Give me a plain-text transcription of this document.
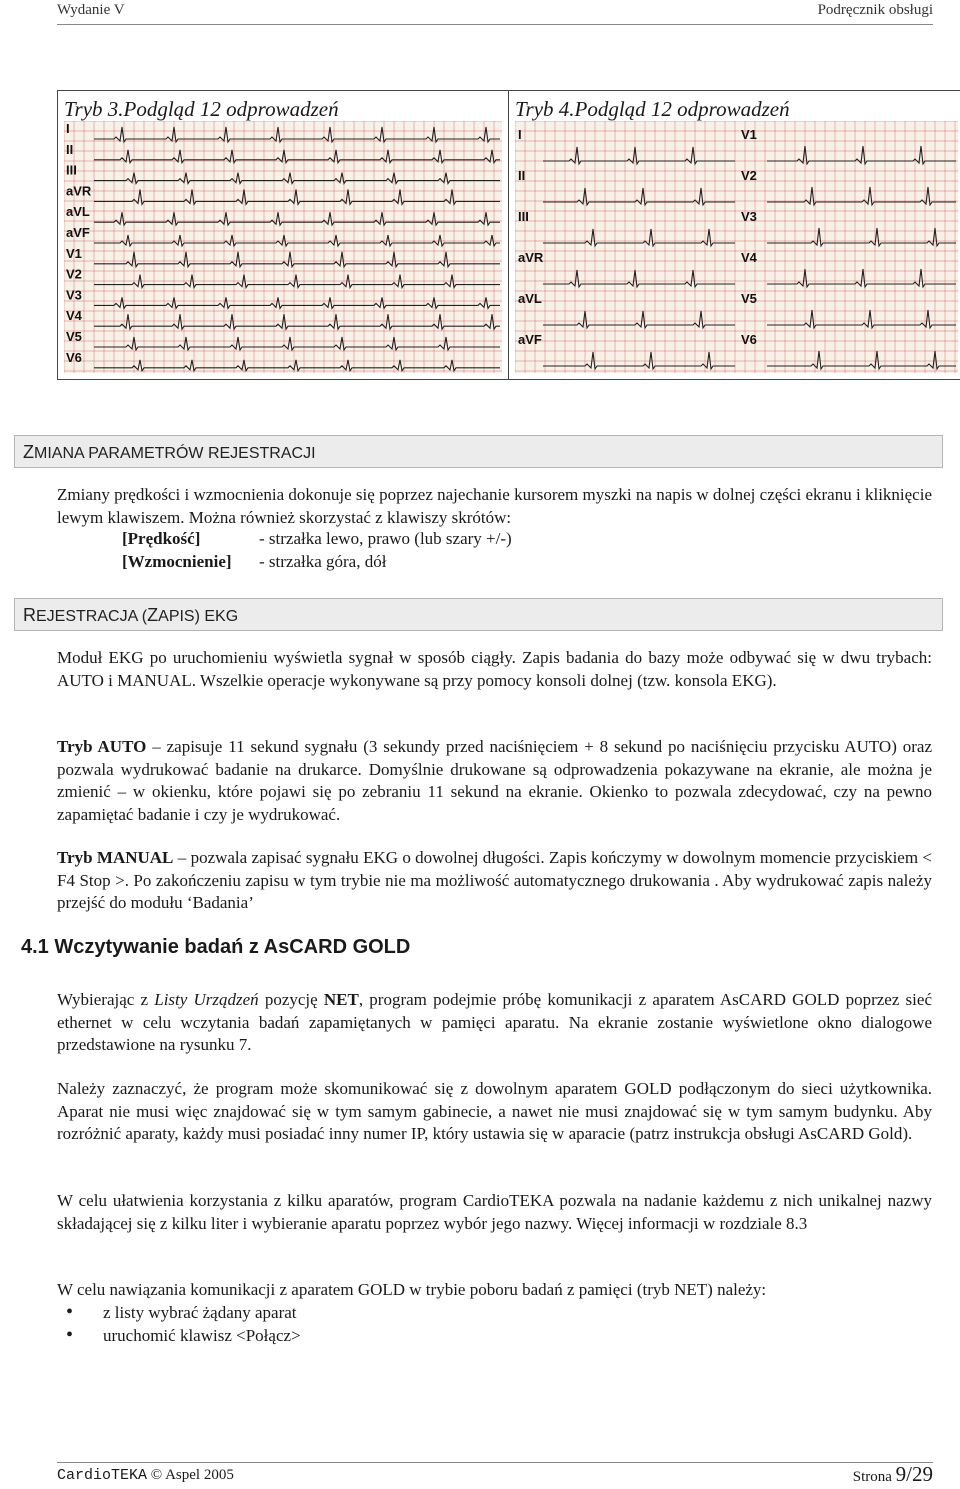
Wydanie V	Podręcznik obsługi
Tryb 3.Podgląd 12 odprowadzeń	Tryb 4.Podgląd 12 odprowadzeń
I
II
III
aVR
aVL
aVF
V1
V2
V3
V4
V5
V6
I
II
III
aVR
aVL
aVF
V1
V2
V3
V4
V5
V6
ZMIANA PARAMETRÓW REJESTRACJI
Zmiany prędkości i wzmocnienia dokonuje się poprzez najechanie kursorem myszki na napis w dolnej części ekranu i kliknięcie lewym klawiszem. Można również skorzystać z klawiszy skrótów:
[Prędkość]	- strzałka lewo, prawo (lub szary +/-)
[Wzmocnienie] - strzałka góra, dół
REJESTRACJA (ZAPIS) EKG
Moduł EKG po uruchomieniu wyświetla sygnał w sposób ciągły. Zapis badania do bazy może odbywać się w dwu trybach: AUTO i MANUAL. Wszelkie operacje wykonywane są przy pomocy konsoli dolnej (tzw. konsola EKG).
Tryb AUTO – zapisuje 11 sekund sygnału (3 sekundy przed naciśnięciem + 8 sekund po naciśnięciu przycisku AUTO) oraz pozwala wydrukować badanie na drukarce. Domyślnie drukowane są odprowadzenia pokazywane na ekranie, ale można je zmienić – w okienku, które pojawi się po zebraniu 11 sekund na ekranie. Okienko to pozwala zdecydować, czy na pewno zapamiętać badanie i czy je wydrukować.
Tryb MANUAL – pozwala zapisać sygnału EKG o dowolnej długości. Zapis kończymy w dowolnym momencie przyciskiem < F4 Stop >. Po zakończeniu zapisu w tym trybie nie ma możliwość automatycznego drukowania . Aby wydrukować zapis należy przejść do modułu ‘Badania’
4.1 Wczytywanie badań z AsCARD GOLD
Wybierając z Listy Urządzeń pozycję NET, program podejmie próbę komunikacji z aparatem AsCARD GOLD poprzez sieć ethernet w celu wczytania badań zapamiętanych w pamięci aparatu. Na ekranie zostanie wyświetlone okno dialogowe przedstawione na rysunku 7.
Należy zaznaczyć, że program może skomunikować się z dowolnym aparatem GOLD podłączonym do sieci użytkownika. Aparat nie musi więc znajdować się w tym samym gabinecie, a nawet nie musi znajdować się w tym samym budynku. Aby rozróżnić aparaty, każdy musi posiadać inny numer IP, który ustawia się w aparacie (patrz instrukcja obsługi AsCARD Gold).
W celu ułatwienia korzystania z kilku aparatów, program CardioTEKA pozwala na nadanie każdemu z nich unikalnej nazwy składającej się z kilku liter i wybieranie aparatu poprzez wybór jego nazwy. Więcej informacji w rozdziale 8.3
W celu nawiązania komunikacji z aparatem GOLD w trybie poboru badań z pamięci (tryb NET) należy:
• z listy wybrać żądany aparat
• uruchomić klawisz <Połącz>
CardioTEKA © Aspel 2005	Strona 9/29
